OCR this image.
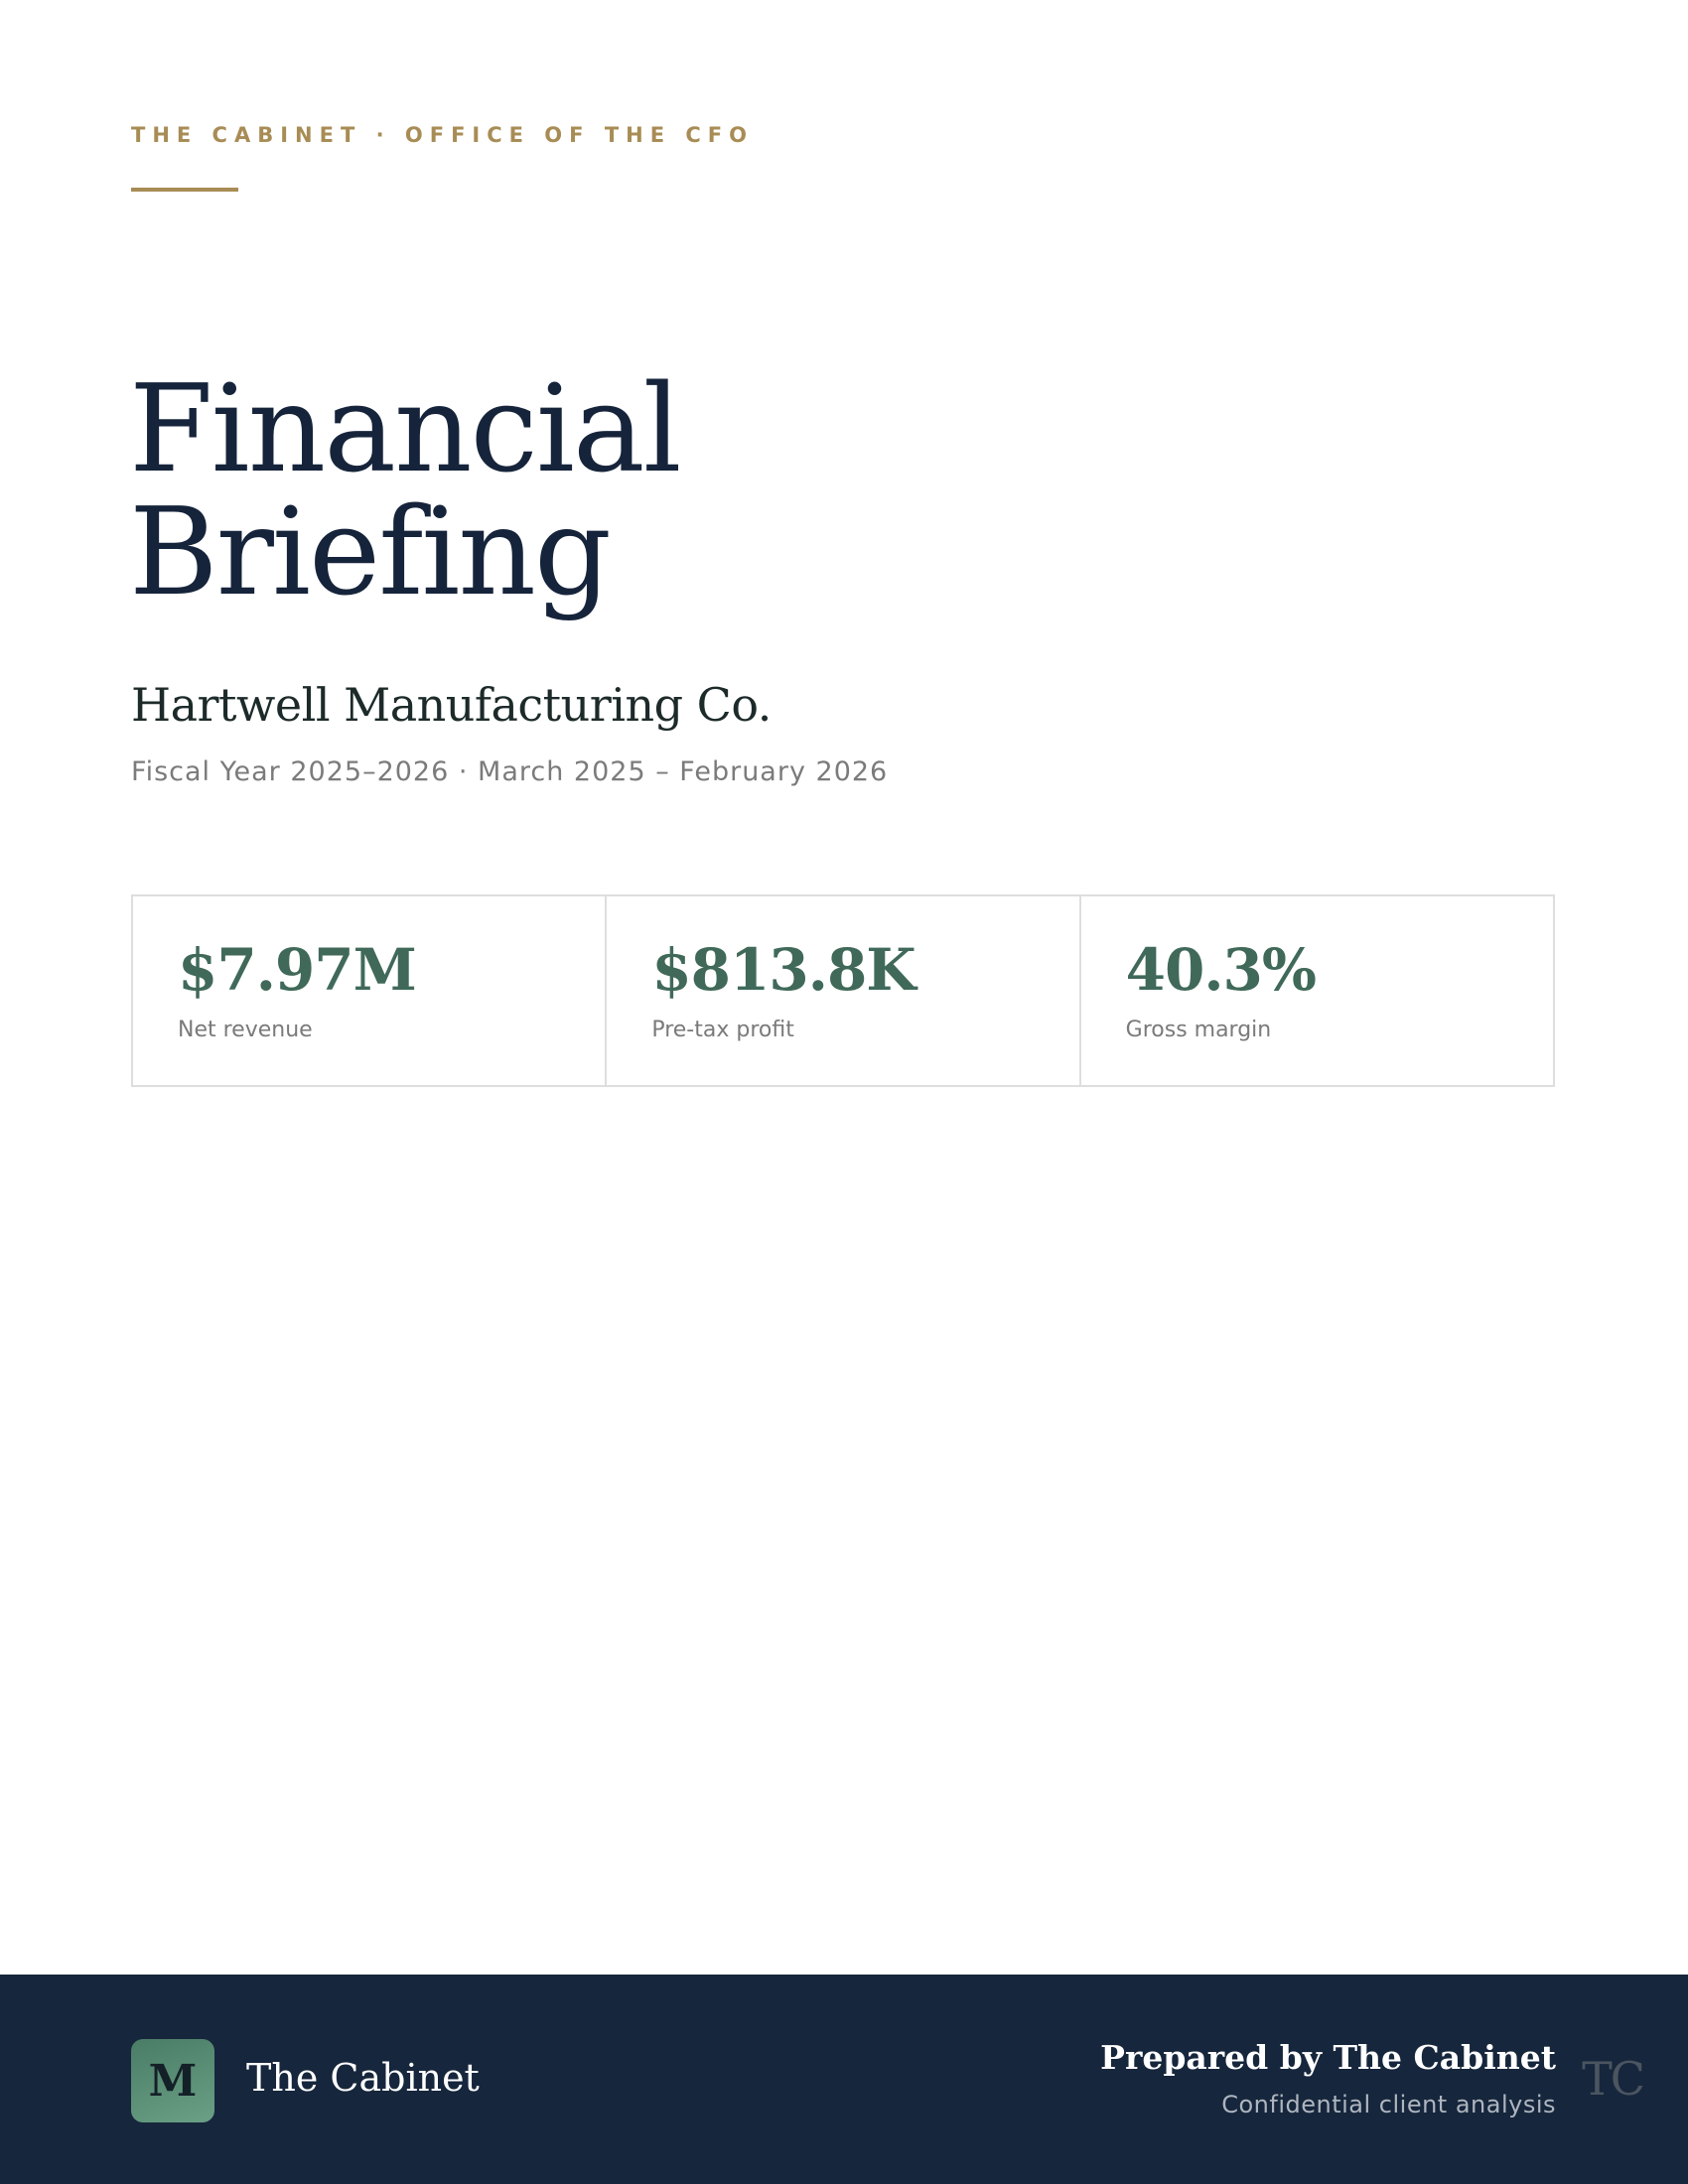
THE CABINET · OFFICE OF THE CFO
Financial
Briefing
Hartwell Manufacturing Co.
Fiscal Year 2025–2026 · March 2025 – February 2026
$7.97M
Net revenue
$813.8K
Pre-tax profit
40.3%
Gross margin
M	The Cabinet	Prepared by The Cabinet
Confidential client analysis TC
